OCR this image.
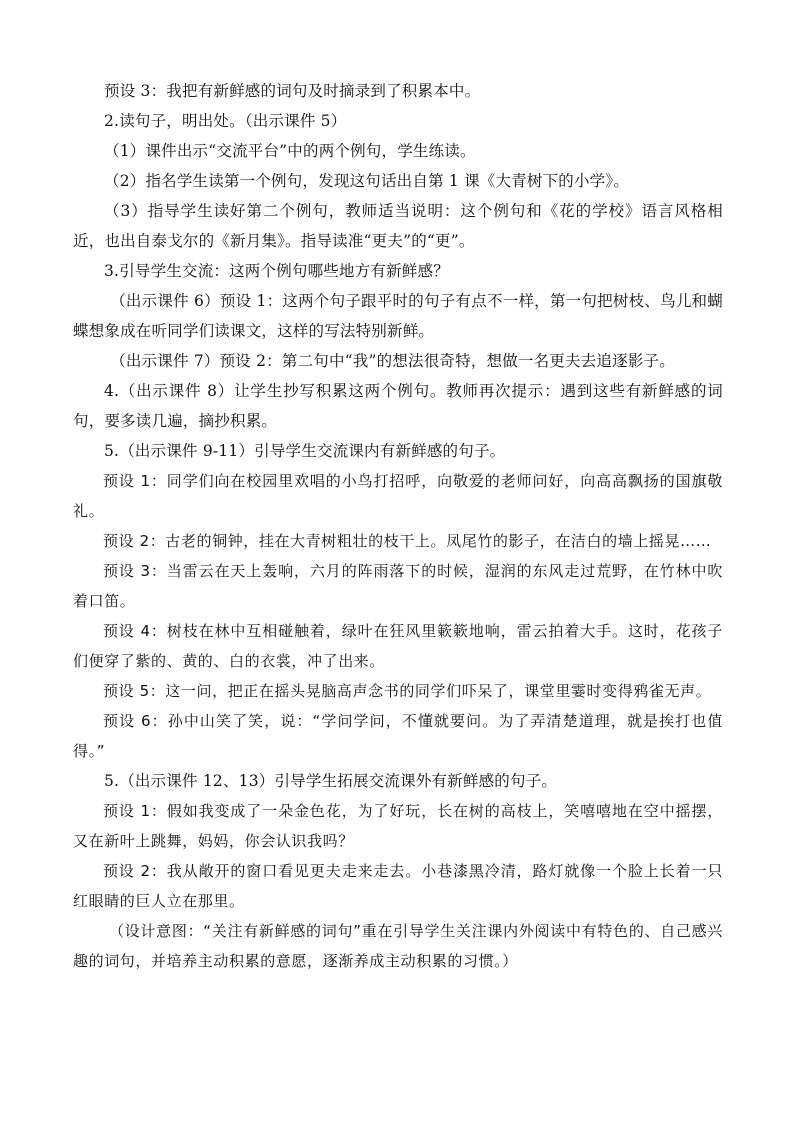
预设 3：我把有新鲜感的词句及时摘录到了积累本中。

2.读句子，明出处。（出示课件 5）

（1）课件出示“交流平台”中的两个例句，学生练读。

（2）指名学生读第一个例句，发现这句话出自第 1 课《大青树下的小学》。

（3）指导学生读好第二个例句，教师适当说明：这个例句和《花的学校》语言风格相近，也出自泰戈尔的《新月集》。指导读准“更夫”的“更”。

3.引导学生交流：这两个例句哪些地方有新鲜感？

（出示课件 6）预设 1：这两个句子跟平时的句子有点不一样，第一句把树枝、鸟儿和蝴蝶想象成在听同学们读课文，这样的写法特别新鲜。

（出示课件 7）预设 2：第二句中“我”的想法很奇特，想做一名更夫去追逐影子。

4.（出示课件 8）让学生抄写积累这两个例句。教师再次提示：遇到这些有新鲜感的词句，要多读几遍，摘抄积累。

5.（出示课件 9-11）引导学生交流课内有新鲜感的句子。

预设 1：同学们向在校园里欢唱的小鸟打招呼，向敬爱的老师问好，向高高飘扬的国旗敬礼。

预设 2：古老的铜钟，挂在大青树粗壮的枝干上。凤尾竹的影子，在洁白的墙上摇晃……

预设 3：当雷云在天上轰响，六月的阵雨落下的时候，湿润的东风走过荒野，在竹林中吹着口笛。

预设 4：树枝在林中互相碰触着，绿叶在狂风里簌簌地响，雷云拍着大手。这时，花孩子们便穿了紫的、黄的、白的衣裳，冲了出来。

预设 5：这一问，把正在摇头晃脑高声念书的同学们吓呆了，课堂里霎时变得鸦雀无声。

预设 6：孙中山笑了笑，说：“学问学问，不懂就要问。为了弄清楚道理，就是挨打也值得。”

5.（出示课件 12、13）引导学生拓展交流课外有新鲜感的句子。

预设 1：假如我变成了一朵金色花，为了好玩，长在树的高枝上，笑嘻嘻地在空中摇摆，又在新叶上跳舞，妈妈，你会认识我吗？

预设 2：我从敞开的窗口看见更夫走来走去。小巷漆黑冷清，路灯就像一个脸上长着一只红眼睛的巨人立在那里。

（设计意图：“关注有新鲜感的词句”重在引导学生关注课内外阅读中有特色的、自己感兴趣的词句，并培养主动积累的意愿，逐渐养成主动积累的习惯。）
